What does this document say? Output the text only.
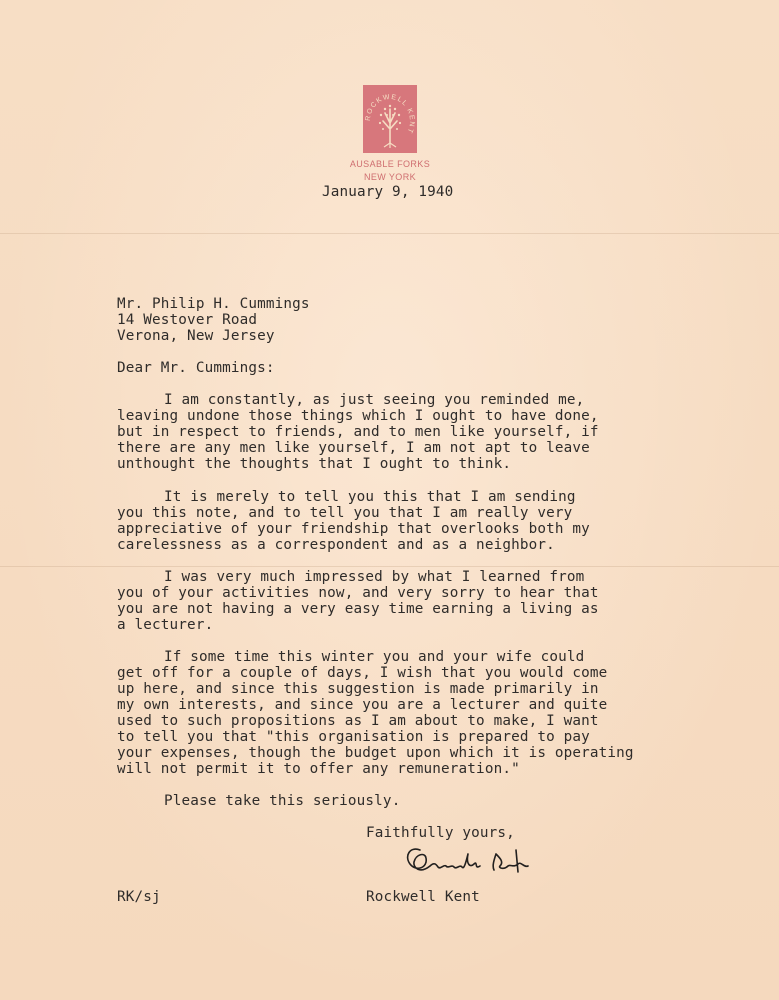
ROCKWELL KENT
AUSABLE FORKS
NEW YORK
January 9, 1940
Mr. Philip H. Cummings
14 Westover Road
Verona, New Jersey
Dear Mr. Cummings:
I am constantly, as just seeing you reminded me,
leaving undone those things which I ought to have done,
but in respect to friends, and to men like yourself, if
there are any men like yourself, I am not apt to leave
unthought the thoughts that I ought to think.
It is merely to tell you this that I am sending
you this note, and to tell you that I am really very
appreciative of your friendship that overlooks both my
carelessness as a correspondent and as a neighbor.
I was very much impressed by what I learned from
you of your activities now, and very sorry to hear that
you are not having a very easy time earning a living as
a lecturer.
If some time this winter you and your wife could
get off for a couple of days, I wish that you would come
up here, and since this suggestion is made primarily in
my own interests, and since you are a lecturer and quite
used to such propositions as I am about to make, I want
to tell you that "this organisation is prepared to pay
your expenses, though the budget upon which it is operating
will not permit it to offer any remuneration."
Please take this seriously.
Faithfully yours,
RK/sj	Rockwell Kent
